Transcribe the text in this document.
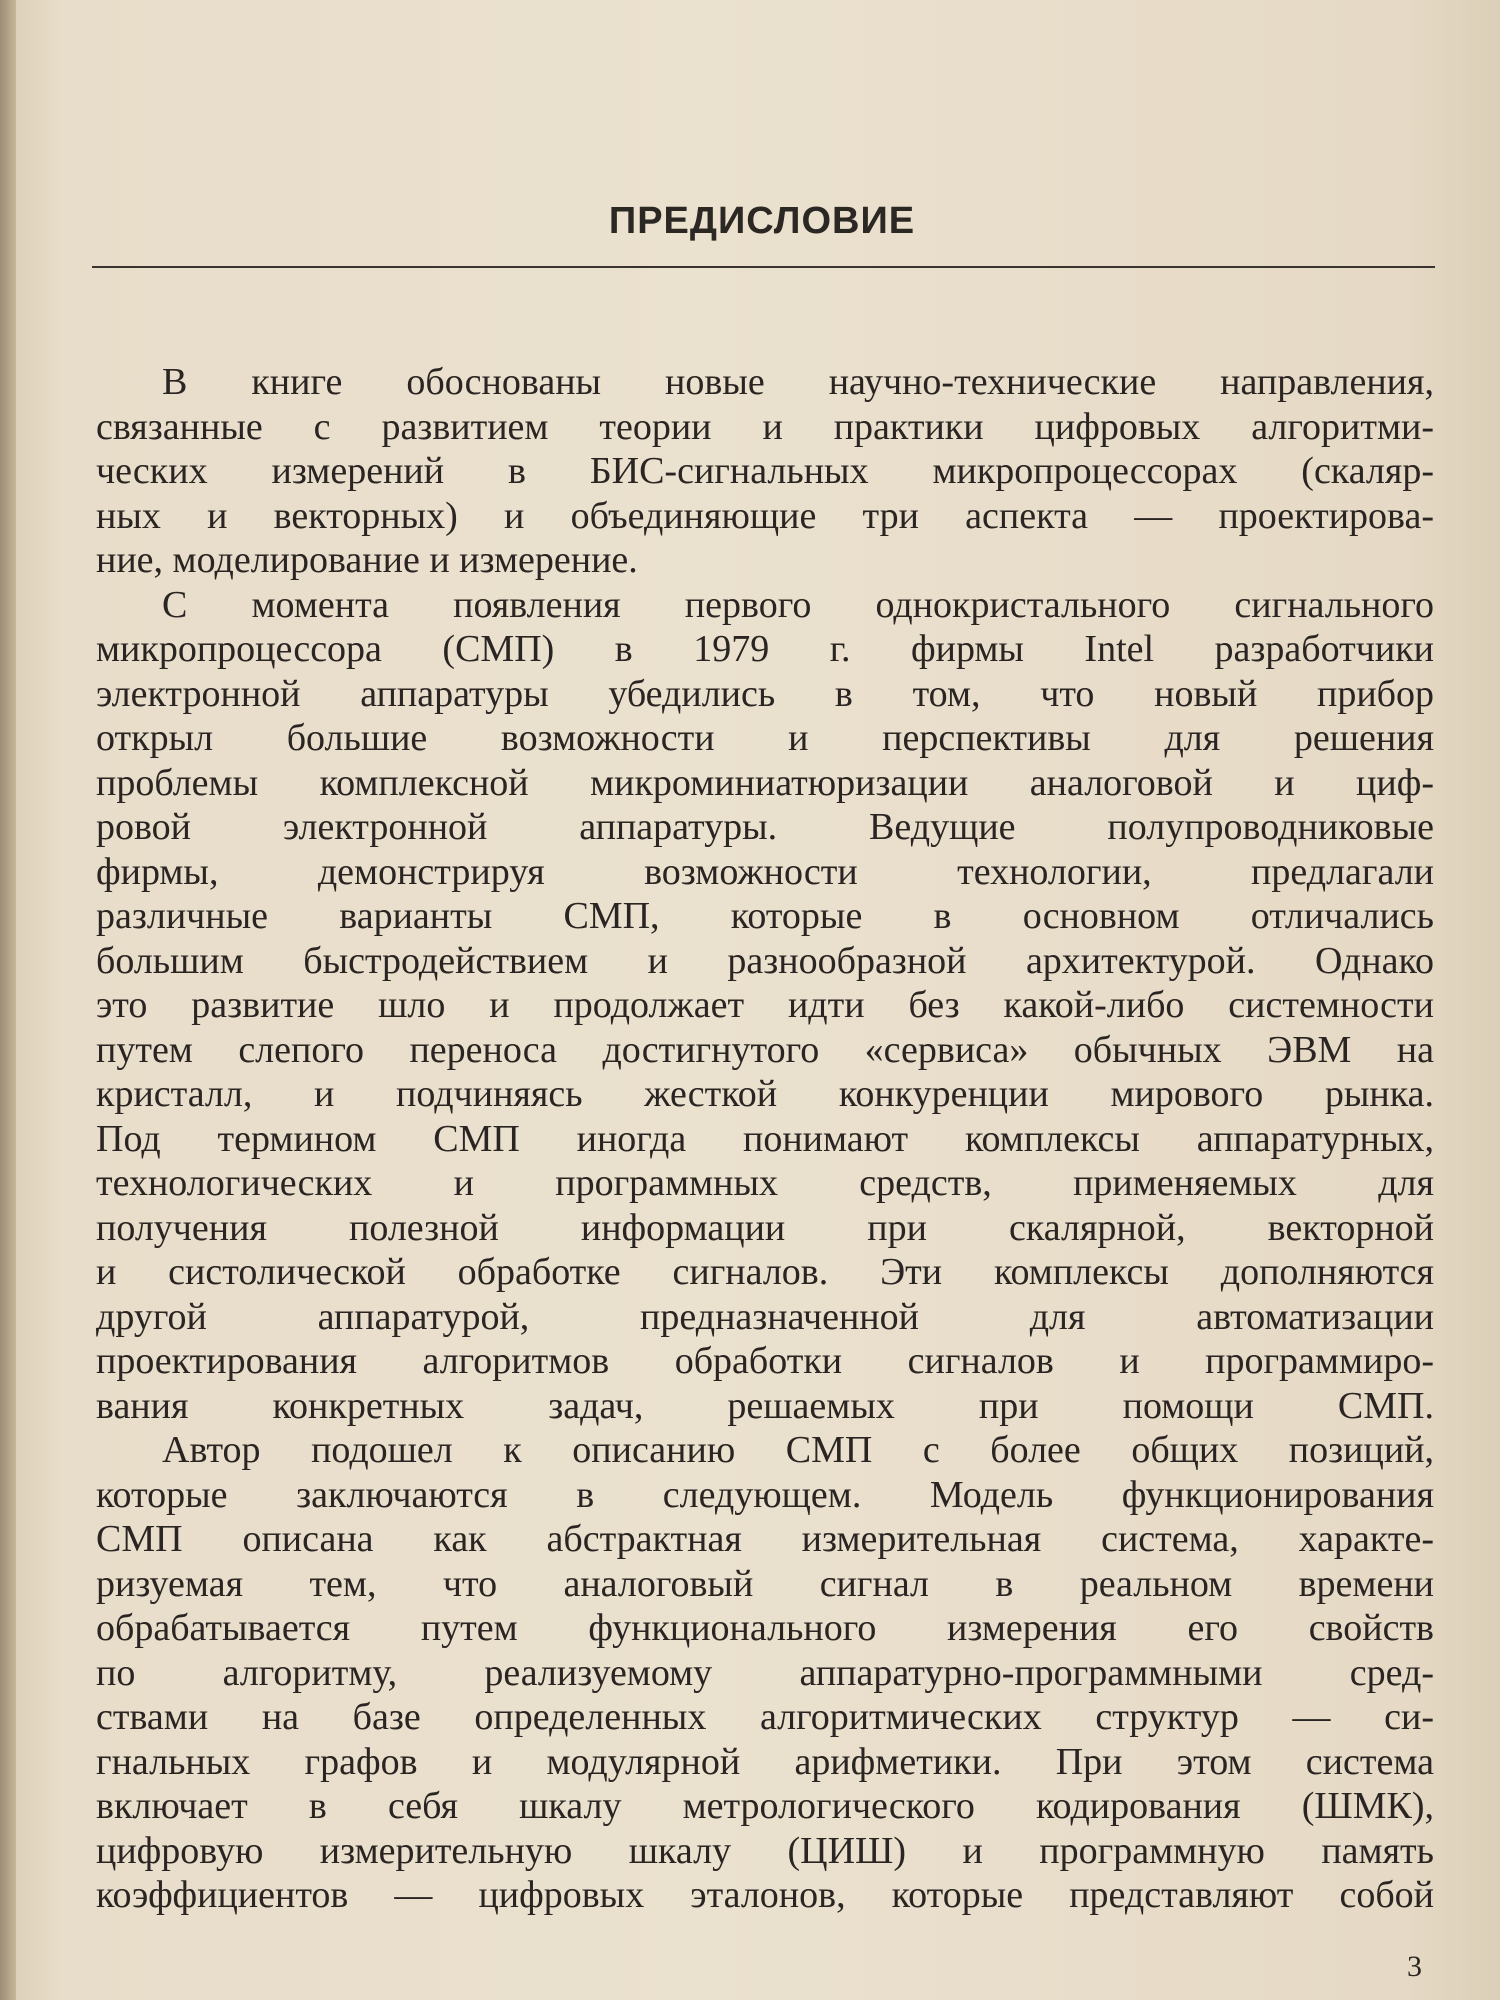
ПРЕДИСЛОВИЕ
В книге обоснованы новые научно-технические направления,
связанные с развитием теории и практики цифровых алгоритми-
ческих измерений в БИС-сигнальных микропроцессорах (скаляр-
ных и векторных) и объединяющие три аспекта — проектирова-
ние, моделирование и измерение.
С момента появления первого однокристального сигнального
микропроцессора (СМП) в 1979 г. фирмы Intel разработчики
электронной аппаратуры убедились в том, что новый прибор
открыл большие возможности и перспективы для решения
проблемы комплексной микроминиатюризации аналоговой и циф-
ровой электронной аппаратуры. Ведущие полупроводниковые
фирмы, демонстрируя возможности технологии, предлагали
различные варианты СМП, которые в основном отличались
большим быстродействием и разнообразной архитектурой. Однако
это развитие шло и продолжает идти без какой-либо системности
путем слепого переноса достигнутого «сервиса» обычных ЭВМ на
кристалл, и подчиняясь жесткой конкуренции мирового рынка.
Под термином СМП иногда понимают комплексы аппаратурных,
технологических и программных средств, применяемых для
получения полезной информации при скалярной, векторной
и систолической обработке сигналов. Эти комплексы дополняются
другой аппаратурой, предназначенной для автоматизации
проектирования алгоритмов обработки сигналов и программиро-
вания конкретных задач, решаемых при помощи СМП.
Автор подошел к описанию СМП с более общих позиций,
которые заключаются в следующем. Модель функционирования
СМП описана как абстрактная измерительная система, характе-
ризуемая тем, что аналоговый сигнал в реальном времени
обрабатывается путем функционального измерения его свойств
по алгоритму, реализуемому аппаратурно-программными сред-
ствами на базе определенных алгоритмических структур — си-
гнальных графов и модулярной арифметики. При этом система
включает в себя шкалу метрологического кодирования (ШМК),
цифровую измерительную шкалу (ЦИШ) и программную память
коэффициентов — цифровых эталонов, которые представляют собой
3
